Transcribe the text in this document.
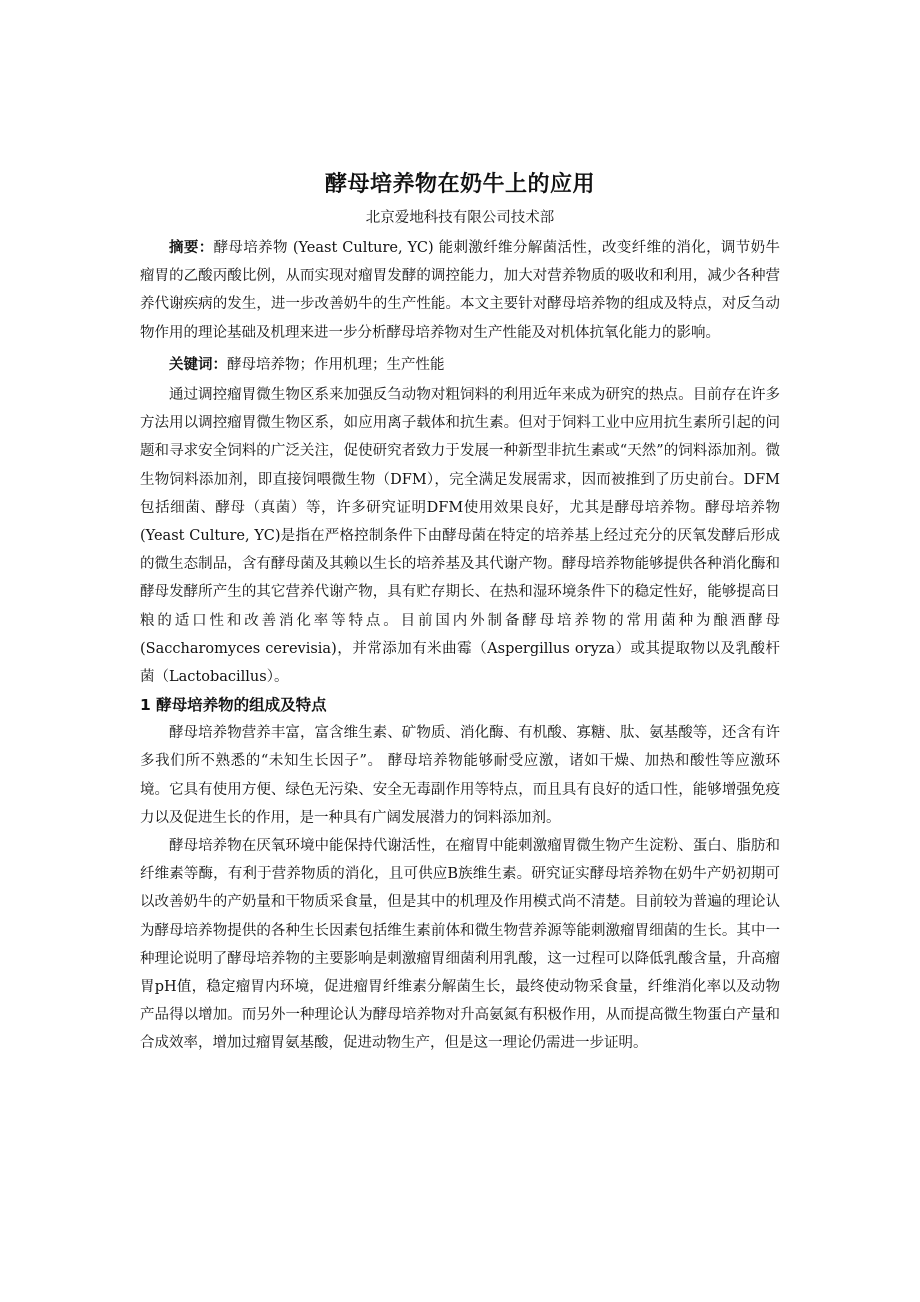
酵母培养物在奶牛上的应用
北京爱地科技有限公司技术部

摘要：酵母培养物 (Yeast Culture, YC) 能刺激纤维分解菌活性，改变纤维的消化，调节奶牛瘤胃的乙酸丙酸比例，从而实现对瘤胃发酵的调控能力，加大对营养物质的吸收和利用，减少各种营养代谢疾病的发生，进一步改善奶牛的生产性能。本文主要针对酵母培养物的组成及特点，对反刍动物作用的理论基础及机理来进一步分析酵母培养物对生产性能及对机体抗氧化能力的影响。

关键词：酵母培养物；作用机理；生产性能

通过调控瘤胃微生物区系来加强反刍动物对粗饲料的利用近年来成为研究的热点。目前存在许多方法用以调控瘤胃微生物区系，如应用离子载体和抗生素。但对于饲料工业中应用抗生素所引起的问题和寻求安全饲料的广泛关注，促使研究者致力于发展一种新型非抗生素或“天然”的饲料添加剂。微生物饲料添加剂，即直接饲喂微生物（DFM），完全满足发展需求，因而被推到了历史前台。DFM包括细菌、酵母（真菌）等，许多研究证明DFM使用效果良好，尤其是酵母培养物。酵母培养物(Yeast Culture, YC)是指在严格控制条件下由酵母菌在特定的培养基上经过充分的厌氧发酵后形成的微生态制品，含有酵母菌及其赖以生长的培养基及其代谢产物。酵母培养物能够提供各种消化酶和酵母发酵所产生的其它营养代谢产物，具有贮存期长、在热和湿环境条件下的稳定性好，能够提高日粮的适口性和改善消化率等特点。目前国内外制备酵母培养物的常用菌种为酿酒酵母(Saccharomyces cerevisia)，并常添加有米曲霉（Aspergillus oryza）或其提取物以及乳酸杆菌（Lactobacillus）。

1 酵母培养物的组成及特点

酵母培养物营养丰富，富含维生素、矿物质、消化酶、有机酸、寡糖、肽、氨基酸等，还含有许多我们所不熟悉的“未知生长因子”。 酵母培养物能够耐受应激，诸如干燥、加热和酸性等应激环境。它具有使用方便、绿色无污染、安全无毒副作用等特点，而且具有良好的适口性，能够增强免疫力以及促进生长的作用，是一种具有广阔发展潜力的饲料添加剂。

酵母培养物在厌氧环境中能保持代谢活性，在瘤胃中能刺激瘤胃微生物产生淀粉、蛋白、脂肪和纤维素等酶，有利于营养物质的消化，且可供应B族维生素。研究证实酵母培养物在奶牛产奶初期可以改善奶牛的产奶量和干物质采食量，但是其中的机理及作用模式尚不清楚。目前较为普遍的理论认为酵母培养物提供的各种生长因素包括维生素前体和微生物营养源等能刺激瘤胃细菌的生长。其中一种理论说明了酵母培养物的主要影响是刺激瘤胃细菌利用乳酸，这一过程可以降低乳酸含量，升高瘤胃pH值，稳定瘤胃内环境，促进瘤胃纤维素分解菌生长，最终使动物采食量，纤维消化率以及动物产品得以增加。而另外一种理论认为酵母培养物对升高氨氮有积极作用，从而提高微生物蛋白产量和合成效率，增加过瘤胃氨基酸，促进动物生产，但是这一理论仍需进一步证明。
